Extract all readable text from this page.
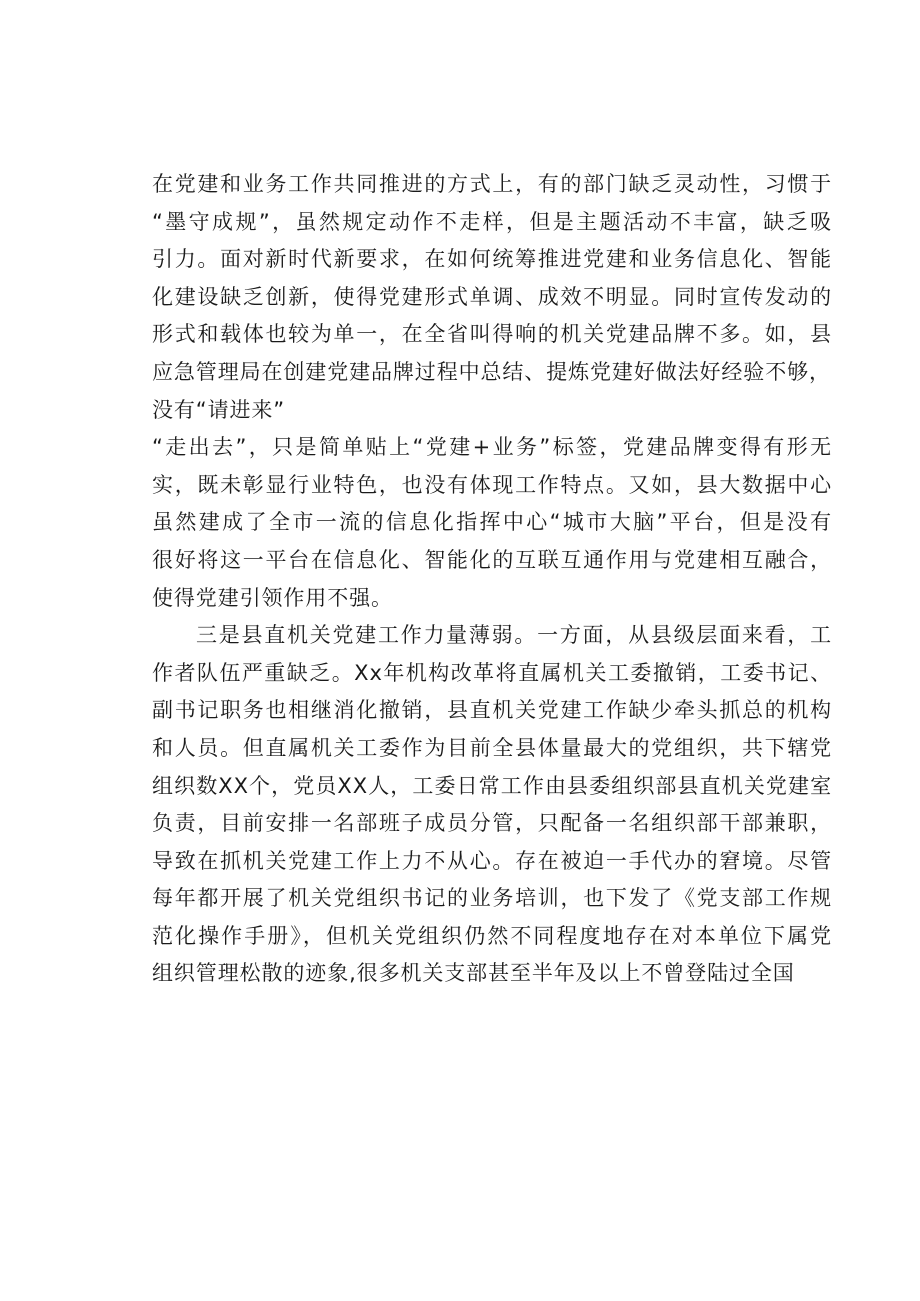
在党建和业务工作共同推进的方式上，有的部门缺乏灵动性，习惯于
“墨守成规”，虽然规定动作不走样，但是主题活动不丰富，缺乏吸
引力。面对新时代新要求，在如何统筹推进党建和业务信息化、智能
化建设缺乏创新，使得党建形式单调、成效不明显。同时宣传发动的
形式和载体也较为单一，在全省叫得响的机关党建品牌不多。如，县
应急管理局在创建党建品牌过程中总结、提炼党建好做法好经验不够，
没有“请进来”
“走出去”，只是简单贴上“党建+业务”标签，党建品牌变得有形无
实，既未彰显行业特色，也没有体现工作特点。又如，县大数据中心
虽然建成了全市一流的信息化指挥中心“城市大脑”平台，但是没有
很好将这一平台在信息化、智能化的互联互通作用与党建相互融合，
使得党建引领作用不强。
三是县直机关党建工作力量薄弱。一方面，从县级层面来看，工
作者队伍严重缺乏。Xx年机构改革将直属机关工委撤销，工委书记、
副书记职务也相继消化撤销，县直机关党建工作缺少牵头抓总的机构
和人员。但直属机关工委作为目前全县体量最大的党组织，共下辖党
组织数XX个，党员XX人，工委日常工作由县委组织部县直机关党建室
负责，目前安排一名部班子成员分管，只配备一名组织部干部兼职，
导致在抓机关党建工作上力不从心。存在被迫一手代办的窘境。尽管
每年都开展了机关党组织书记的业务培训，也下发了《党支部工作规
范化操作手册》，但机关党组织仍然不同程度地存在对本单位下属党
组织管理松散的迹象,很多机关支部甚至半年及以上不曾登陆过全国
